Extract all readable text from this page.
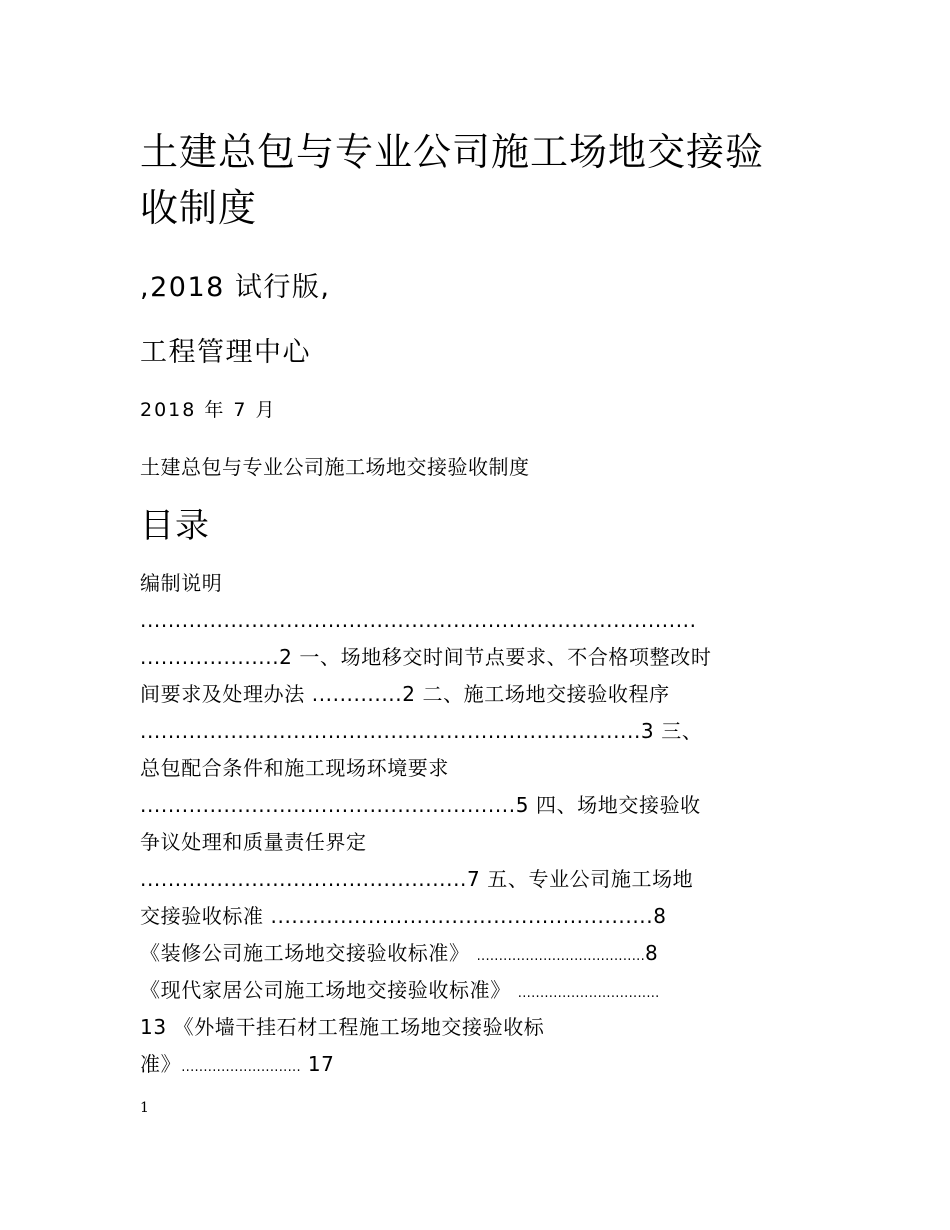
土建总包与专业公司施工场地交接验
收制度
,2018 试行版,
工程管理中心
2018 年 7 月
土建总包与专业公司施工场地交接验收制度
目录
编制说明
................................................................................
....................2 一、场地移交时间节点要求、不合格项整改时
间要求及处理办法 .............2 二、施工场地交接验收程序
........................................................................3 三、
总包配合条件和施工现场环境要求
......................................................5 四、场地交接验收
争议处理和质量责任界定
...............................................7 五、专业公司施工场地
交接验收标准 .......................................................8
《装修公司施工场地交接验收标准》 ......................................8
《现代家居公司施工场地交接验收标准》 ................................
13 《外墙干挂石材工程施工场地交接验收标
准》........................... 17
1
